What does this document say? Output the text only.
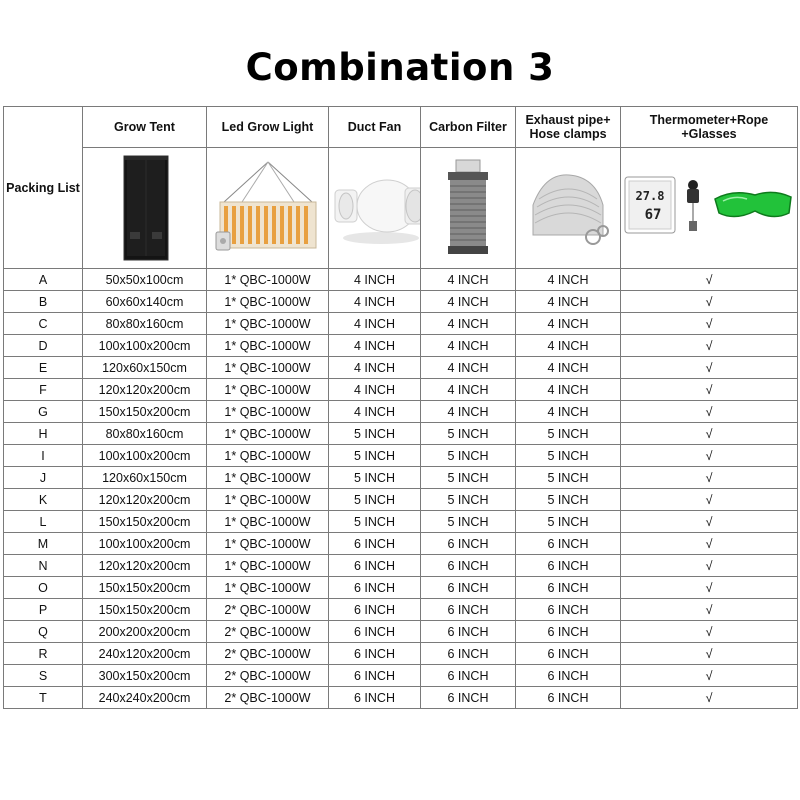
Combination 3
Packing List	Grow Tent	Led Grow Light	Duct Fan	Carbon Filter	Exhaust pipe+ Hose clamps	Thermometer+Rope +Glasses

27.8
67

A	50x50x100cm	1* QBC-1000W	4 INCH	4 INCH	4 INCH	√
B	60x60x140cm	1* QBC-1000W	4 INCH	4 INCH	4 INCH	√
C	80x80x160cm	1* QBC-1000W	4 INCH	4 INCH	4 INCH	√
D	100x100x200cm	1* QBC-1000W	4 INCH	4 INCH	4 INCH	√
E	120x60x150cm	1* QBC-1000W	4 INCH	4 INCH	4 INCH	√
F	120x120x200cm	1* QBC-1000W	4 INCH	4 INCH	4 INCH	√
G	150x150x200cm	1* QBC-1000W	4 INCH	4 INCH	4 INCH	√
H	80x80x160cm	1* QBC-1000W	5 INCH	5 INCH	5 INCH	√
I	100x100x200cm	1* QBC-1000W	5 INCH	5 INCH	5 INCH	√
J	120x60x150cm	1* QBC-1000W	5 INCH	5 INCH	5 INCH	√
K	120x120x200cm	1* QBC-1000W	5 INCH	5 INCH	5 INCH	√
L	150x150x200cm	1* QBC-1000W	5 INCH	5 INCH	5 INCH	√
M	100x100x200cm	1* QBC-1000W	6 INCH	6 INCH	6 INCH	√
N	120x120x200cm	1* QBC-1000W	6 INCH	6 INCH	6 INCH	√
O	150x150x200cm	1* QBC-1000W	6 INCH	6 INCH	6 INCH	√
P	150x150x200cm	2* QBC-1000W	6 INCH	6 INCH	6 INCH	√
Q	200x200x200cm	2* QBC-1000W	6 INCH	6 INCH	6 INCH	√
R	240x120x200cm	2* QBC-1000W	6 INCH	6 INCH	6 INCH	√
S	300x150x200cm	2* QBC-1000W	6 INCH	6 INCH	6 INCH	√
T	240x240x200cm	2* QBC-1000W	6 INCH	6 INCH	6 INCH	√
